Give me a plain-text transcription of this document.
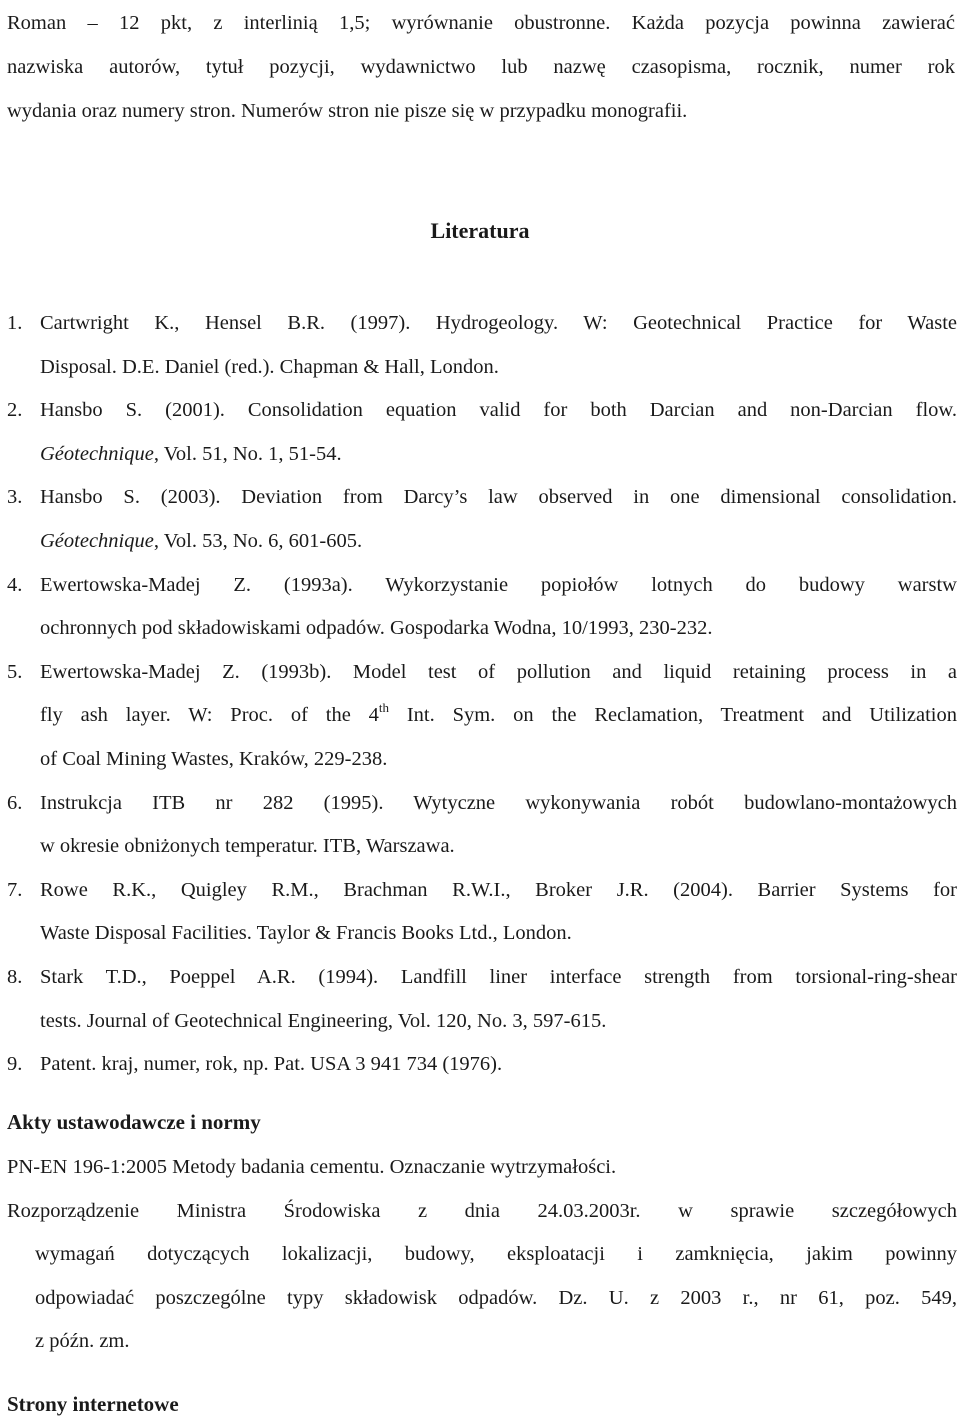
Roman – 12 pkt, z interlinią 1,5; wyrównanie obustronne. Każda pozycja powinna zawierać
nazwiska autorów, tytuł pozycji, wydawnictwo lub nazwę czasopisma, rocznik, numer rok
wydania oraz numery stron. Numerów stron nie pisze się w przypadku monografii.
Literatura
1. Cartwright K., Hensel B.R. (1997). Hydrogeology. W: Geotechnical Practice for Waste
Disposal. D.E. Daniel (red.). Chapman & Hall, London.
2. Hansbo S. (2001). Consolidation equation valid for both Darcian and non-Darcian flow.
Géotechnique, Vol. 51, No. 1, 51-54.
3. Hansbo S. (2003). Deviation from Darcy’s law observed in one dimensional consolidation.
Géotechnique, Vol. 53, No. 6, 601-605.
4. Ewertowska-Madej Z. (1993a). Wykorzystanie popiołów lotnych do budowy warstw
ochronnych pod składowiskami odpadów. Gospodarka Wodna, 10/1993, 230-232.
5. Ewertowska-Madej Z. (1993b). Model test of pollution and liquid retaining process in a
fly ash layer. W: Proc. of the 4th Int. Sym. on the Reclamation, Treatment and Utilization
of Coal Mining Wastes, Kraków, 229-238.
6. Instrukcja ITB nr 282 (1995). Wytyczne wykonywania robót budowlano-montażowych
w okresie obniżonych temperatur. ITB, Warszawa.
7. Rowe R.K., Quigley R.M., Brachman R.W.I., Broker J.R. (2004). Barrier Systems for
Waste Disposal Facilities. Taylor & Francis Books Ltd., London.
8. Stark T.D., Poeppel A.R. (1994). Landfill liner interface strength from torsional-ring-shear
tests. Journal of Geotechnical Engineering, Vol. 120, No. 3, 597-615.
9. Patent. kraj, numer, rok, np. Pat. USA 3 941 734 (1976).
Akty ustawodawcze i normy
PN-EN 196-1:2005 Metody badania cementu. Oznaczanie wytrzymałości.
Rozporządzenie Ministra Środowiska z dnia 24.03.2003r. w sprawie szczegółowych
wymagań dotyczących lokalizacji, budowy, eksploatacji i zamknięcia, jakim powinny
odpowiadać poszczególne typy składowisk odpadów. Dz. U. z 2003 r., nr 61, poz. 549,
z późn. zm.
Strony internetowe
